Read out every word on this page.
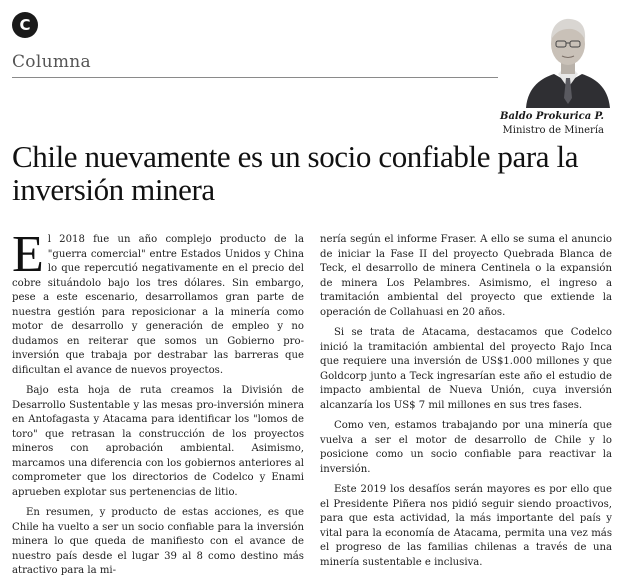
C
Columna
Baldo Prokurica P.
Ministro de Minería
Chile nuevamente es un socio confiable para la inversión minera

El 2018 fue un año complejo producto de la "guerra comercial" entre Estados Unidos y China lo que repercutió negativamente en el precio del cobre situándolo bajo los tres dólares. Sin embargo, pese a este escenario, desarrollamos gran parte de nuestra gestión para reposicionar a la minería como motor de desarrollo y generación de empleo y no dudamos en reiterar que somos un Gobierno pro-inversión que trabaja por destrabar las barreras que dificultan el avance de nuevos proyectos.

Bajo esta hoja de ruta creamos la División de Desarrollo Sustentable y las mesas pro-inversión minera en Antofagasta y Atacama para identificar los "lomos de toro" que retrasan la construcción de los proyectos mineros con aprobación ambiental. Asimismo, marcamos una diferencia con los gobiernos anteriores al comprometer que los directorios de Codelco y Enami aprueben explotar sus pertenencias de litio.

En resumen, y producto de estas acciones, es que Chile ha vuelto a ser un socio confiable para la inversión minera lo que queda de manifiesto con el avance de nuestro país desde el lugar 39 al 8 como destino más atractivo para la mi-

nería según el informe Fraser. A ello se suma el anuncio de iniciar la Fase II del proyecto Quebrada Blanca de Teck, el desarrollo de minera Centinela o la expansión de minera Los Pelambres. Asimismo, el ingreso a tramitación ambiental del proyecto que extiende la operación de Collahuasi en 20 años.

Si se trata de Atacama, destacamos que Codelco inició la tramitación ambiental del proyecto Rajo Inca que requiere una inversión de US$1.000 millones y que Goldcorp junto a Teck ingresarían este año el estudio de impacto ambiental de Nueva Unión, cuya inversión alcanzaría los US$ 7 mil millones en sus tres fases.

Como ven, estamos trabajando por una minería que vuelva a ser el motor de desarrollo de Chile y lo posicione como un socio confiable para reactivar la inversión.

Este 2019 los desafíos serán mayores es por ello que el Presidente Piñera nos pidió seguir siendo proactivos, para que esta actividad, la más importante del país y vital para la economía de Atacama, permita una vez más el progreso de las familias chilenas a través de una minería sustentable e inclusiva.
